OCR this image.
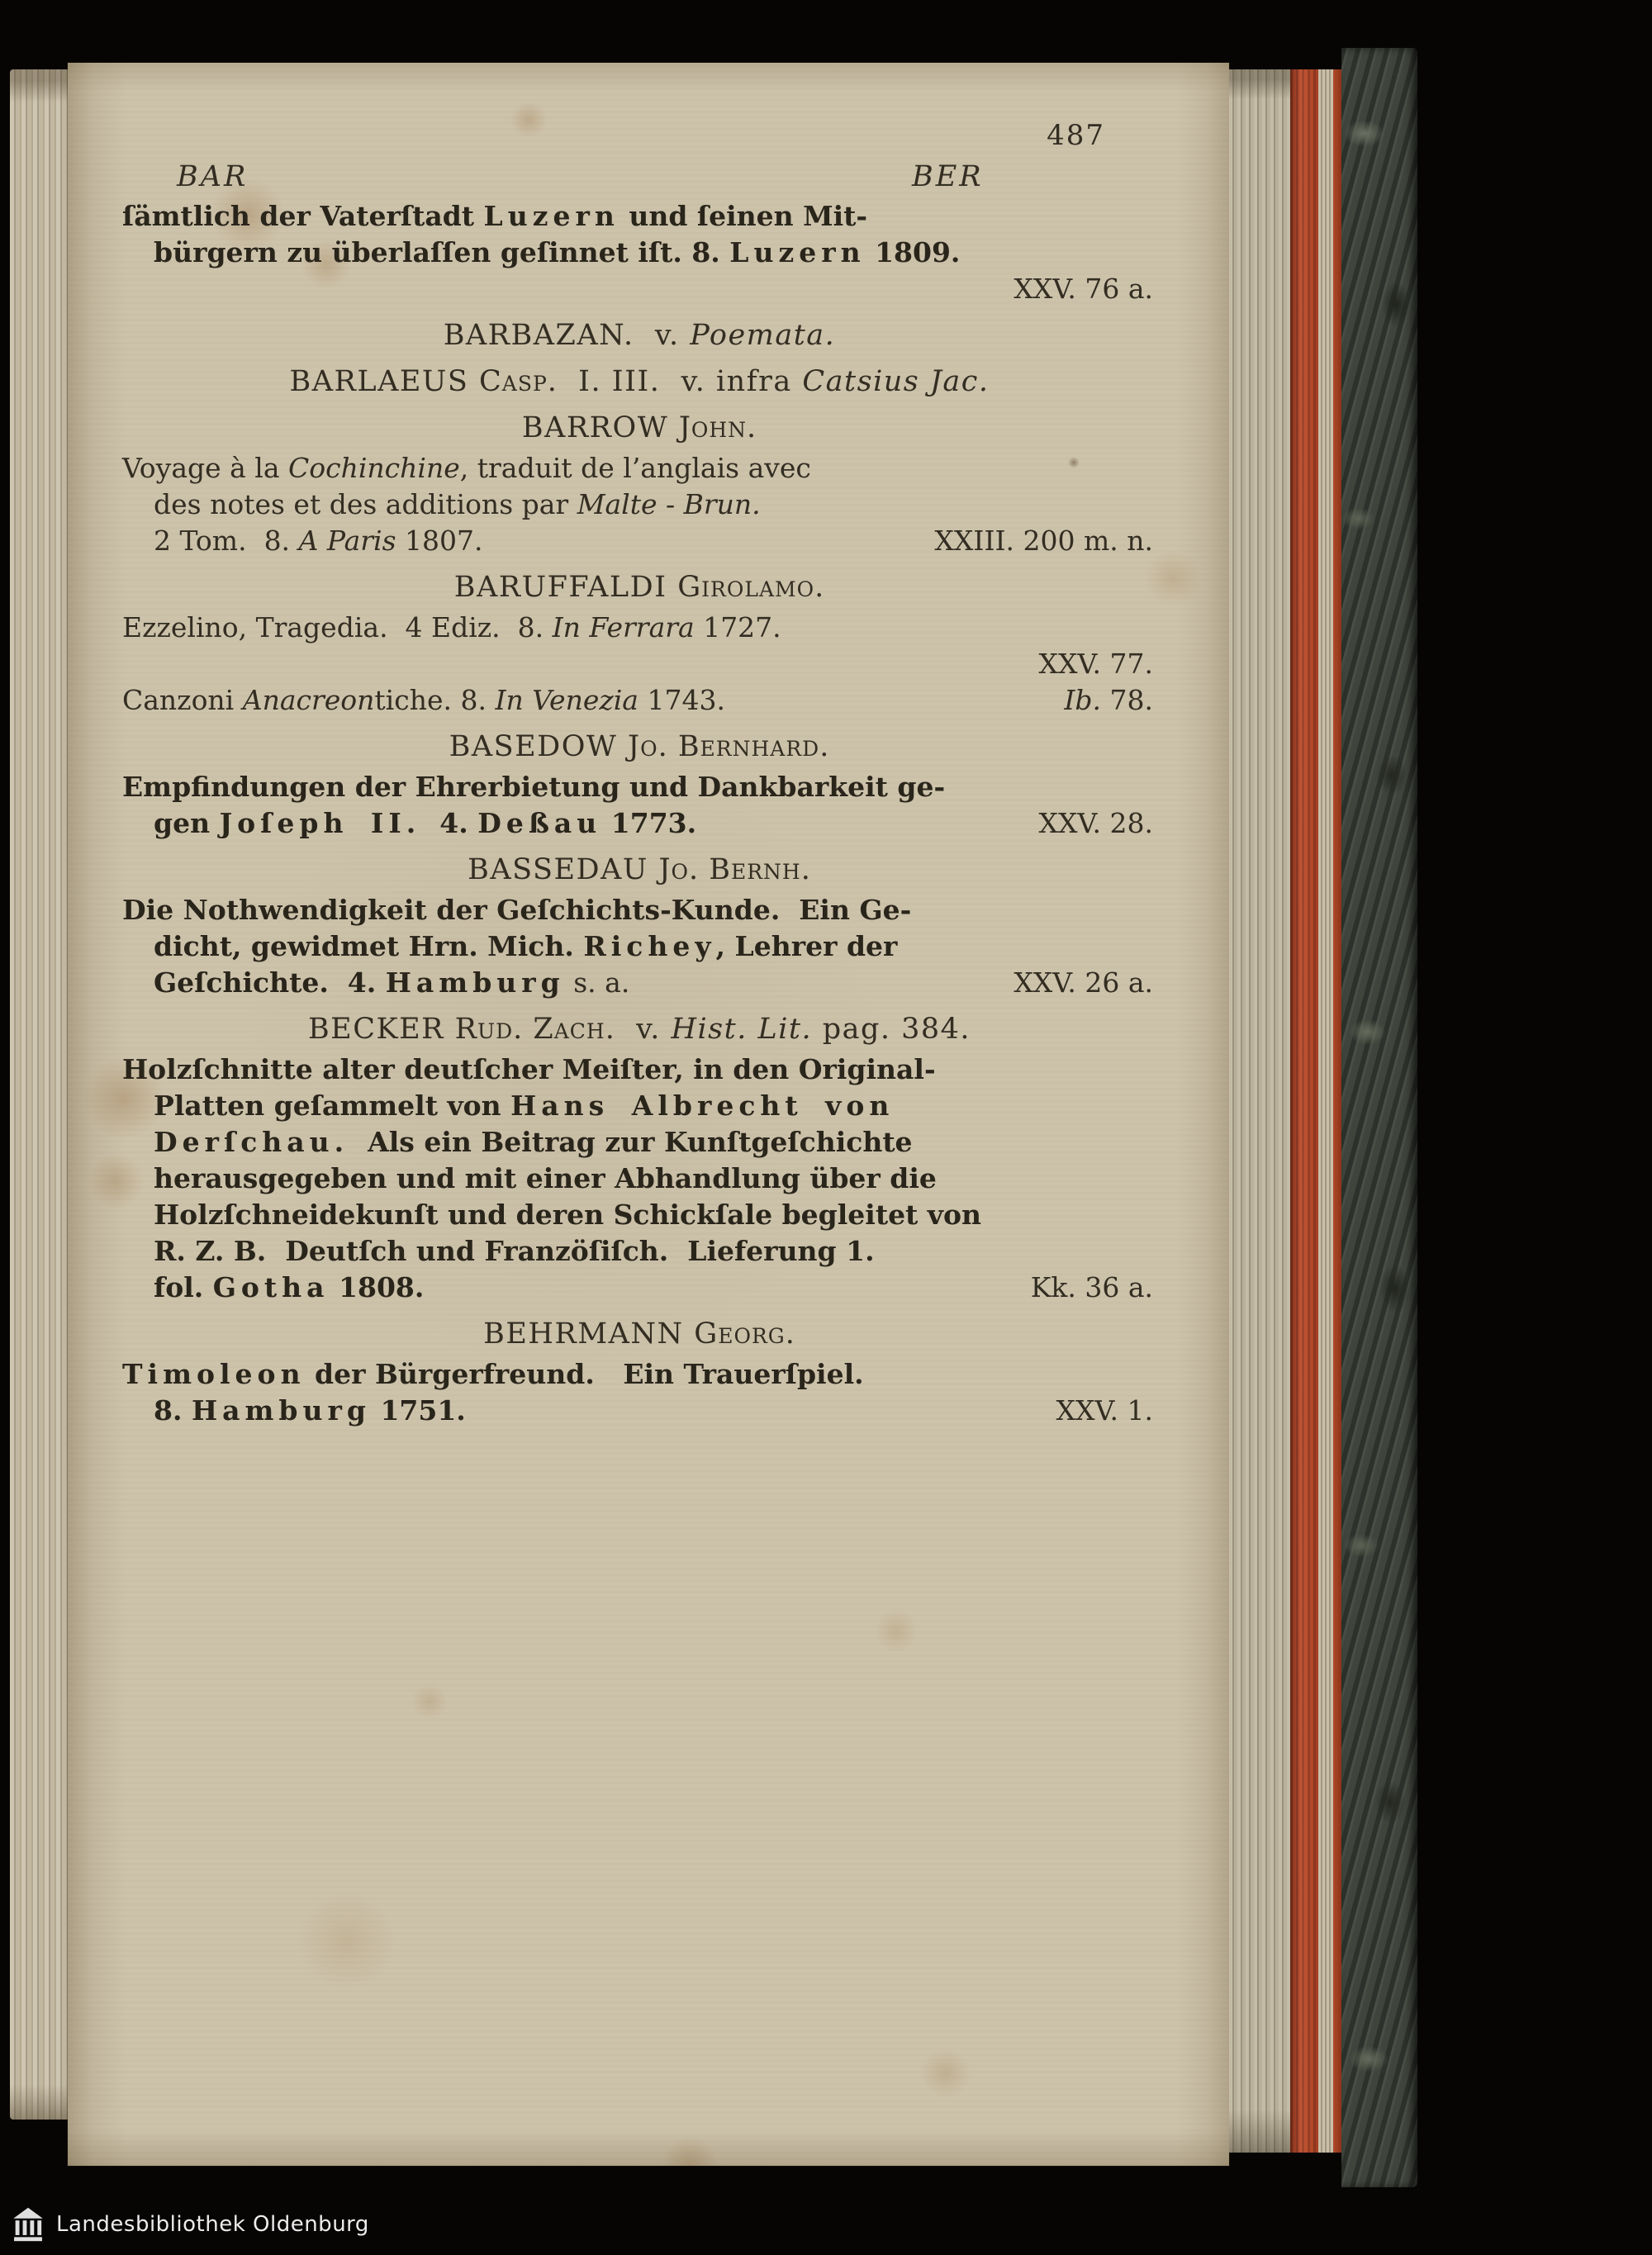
487
BAR	BER
ſämtlich der Vaterſtadt Luzern und ſeinen Mit-
bürgern zu überlaſſen geſinnet iſt. 8. Luzern 1809.
XXV. 76 a.
BARBAZAN.  v. Poemata.
BARLAEUS Casp.  I. III.  v. infra Catsius Jac.
BARROW John.
Voyage à la Cochinchine, traduit de l’anglais avec
des notes et des additions par Malte - Brun.
XXIII. 200 m. n.
2 Tom.  8. A Paris 1807.
BARUFFALDI Girolamo.
Ezzelino, Tragedia.  4 Ediz.  8. In Ferrara 1727.
XXV. 77.
Ib. 78.
Canzoni Anacreontiche. 8. In Venezia 1743.
BASEDOW Jo. Bernhard.
Empfindungen der Ehrerbietung und Dankbarkeit ge-
XXV. 28.
gen Joſeph II.  4. Deßau 1773.
BASSEDAU Jo. Bernh.
Die Nothwendigkeit der Geſchichts-Kunde.  Ein Ge-
dicht, gewidmet Hrn. Mich. Richey, Lehrer der
XXV. 26 a.
Geſchichte.  4. Hamburg s. a.
BECKER Rud. Zach.  v. Hist. Lit. pag. 384.
Holzſchnitte alter deutſcher Meiſter, in den Original-
Platten geſammelt von Hans Albrecht von
Derſchau.  Als ein Beitrag zur Kunſtgeſchichte
herausgegeben und mit einer Abhandlung über die
Holzſchneidekunſt und deren Schickſale begleitet von
R. Z. B.  Deutſch und Franzöſiſch.  Lieferung 1.
Kk. 36 a.
fol. Gotha 1808.
BEHRMANN Georg.
Timoleon der Bürgerfreund.   Ein Trauerſpiel.
XXV. 1.
8. Hamburg 1751.
Landesbibliothek Oldenburg
